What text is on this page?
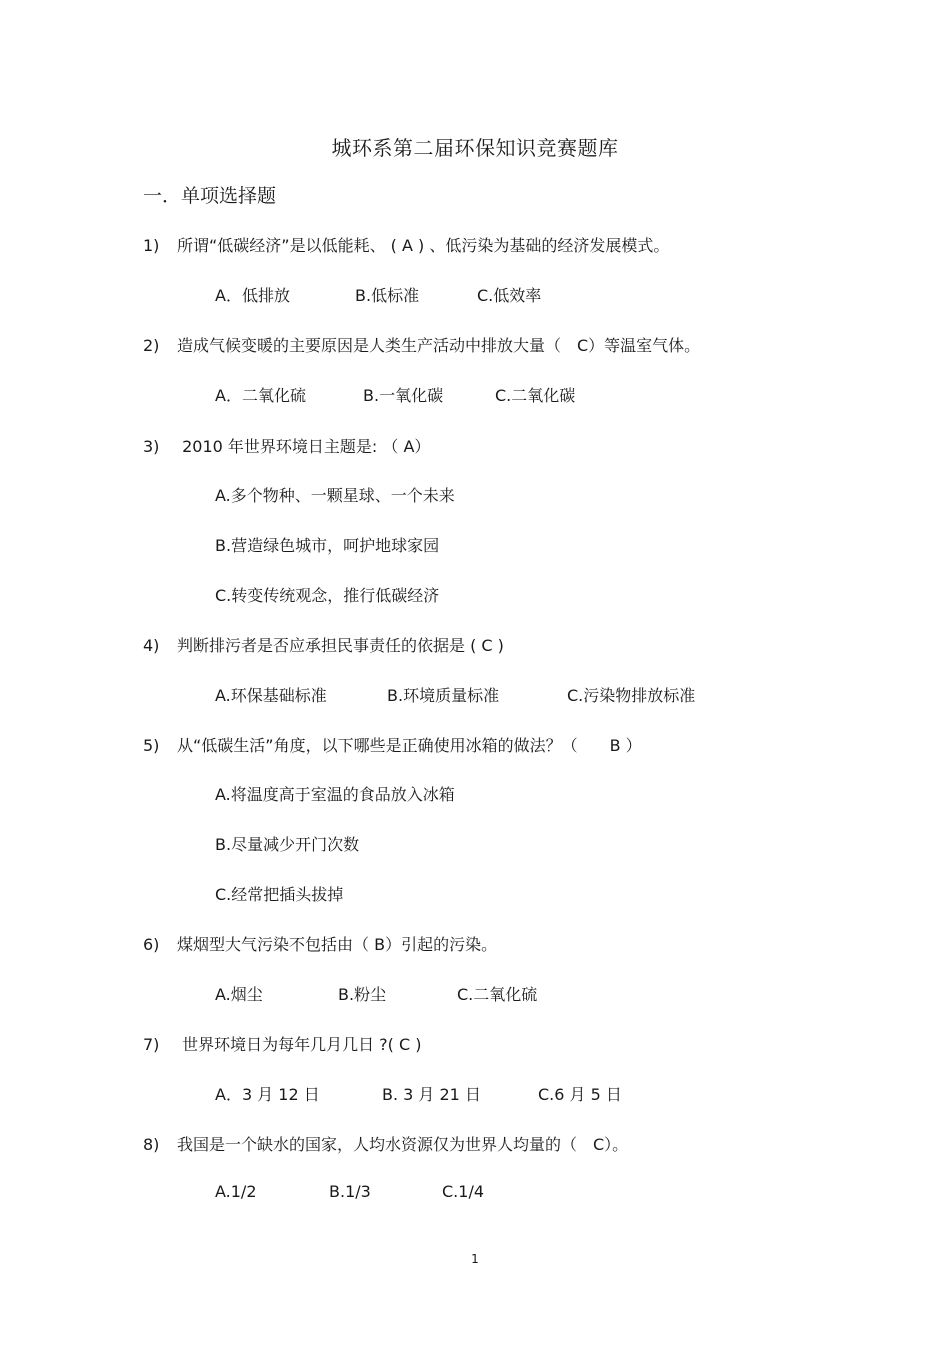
城环系第二届环保知识竞赛题库
一．单项选择题
1) 所谓“低碳经济”是以低能耗、 ( A ) 、低污染为基础的经济发展模式。
A．低排放	B.低标准	C.低效率
2) 造成气候变暖的主要原因是人类生产活动中排放大量（　C）等温室气体。
A．二氧化硫	B.一氧化碳	C.二氧化碳
3) 2010 年世界环境日主题是: （ A）
A.多个物种、一颗星球、一个未来
B.营造绿色城市，呵护地球家园
C.转变传统观念，推行低碳经济
4) 判断排污者是否应承担民事责任的依据是 ( C )
A.环保基础标准	B.环境质量标准	C.污染物排放标准
5) 从“低碳生活”角度，以下哪些是正确使用冰箱的做法？（　　B ）
A.将温度高于室温的食品放入冰箱
B.尽量减少开门次数
C.经常把插头拔掉
6) 煤烟型大气污染不包括由（ B）引起的污染。
A.烟尘	B.粉尘	C.二氧化硫
7) 世界环境日为每年几月几日 ?( C )
A．3 月 12 日	B. 3 月 21 日	C.6 月 5 日
8) 我国是一个缺水的国家，人均水资源仅为世界人均量的（　C）。
A.1/2	B.1/3	C.1/4
1
